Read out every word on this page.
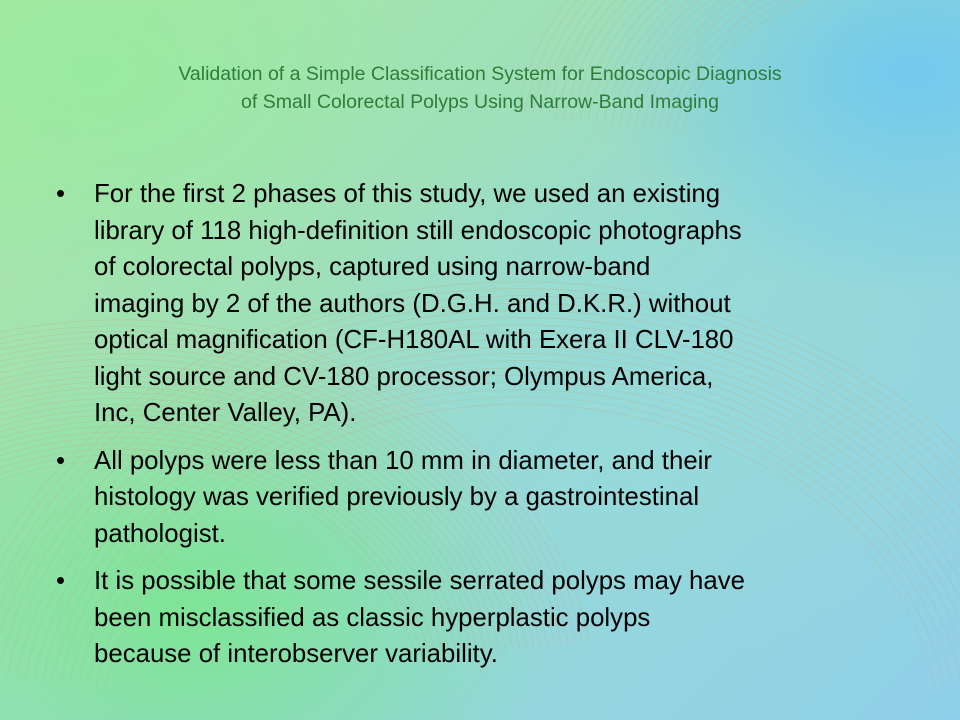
Validation of a Simple Classification System for Endoscopic Diagnosis
of Small Colorectal Polyps Using Narrow-Band Imaging
•	For the first 2 phases of this study, we used an existing
library of 118 high-definition still endoscopic photographs
of colorectal polyps, captured using narrow-band
imaging by 2 of the authors (D.G.H. and D.K.R.) without
optical magnification (CF-H180AL with Exera II CLV-180
light source and CV-180 processor; Olympus America,
Inc, Center Valley, PA).
•	All polyps were less than 10 mm in diameter, and their
histology was verified previously by a gastrointestinal
pathologist.
•	It is possible that some sessile serrated polyps may have
been misclassified as classic hyperplastic polyps
because of interobserver variability.
